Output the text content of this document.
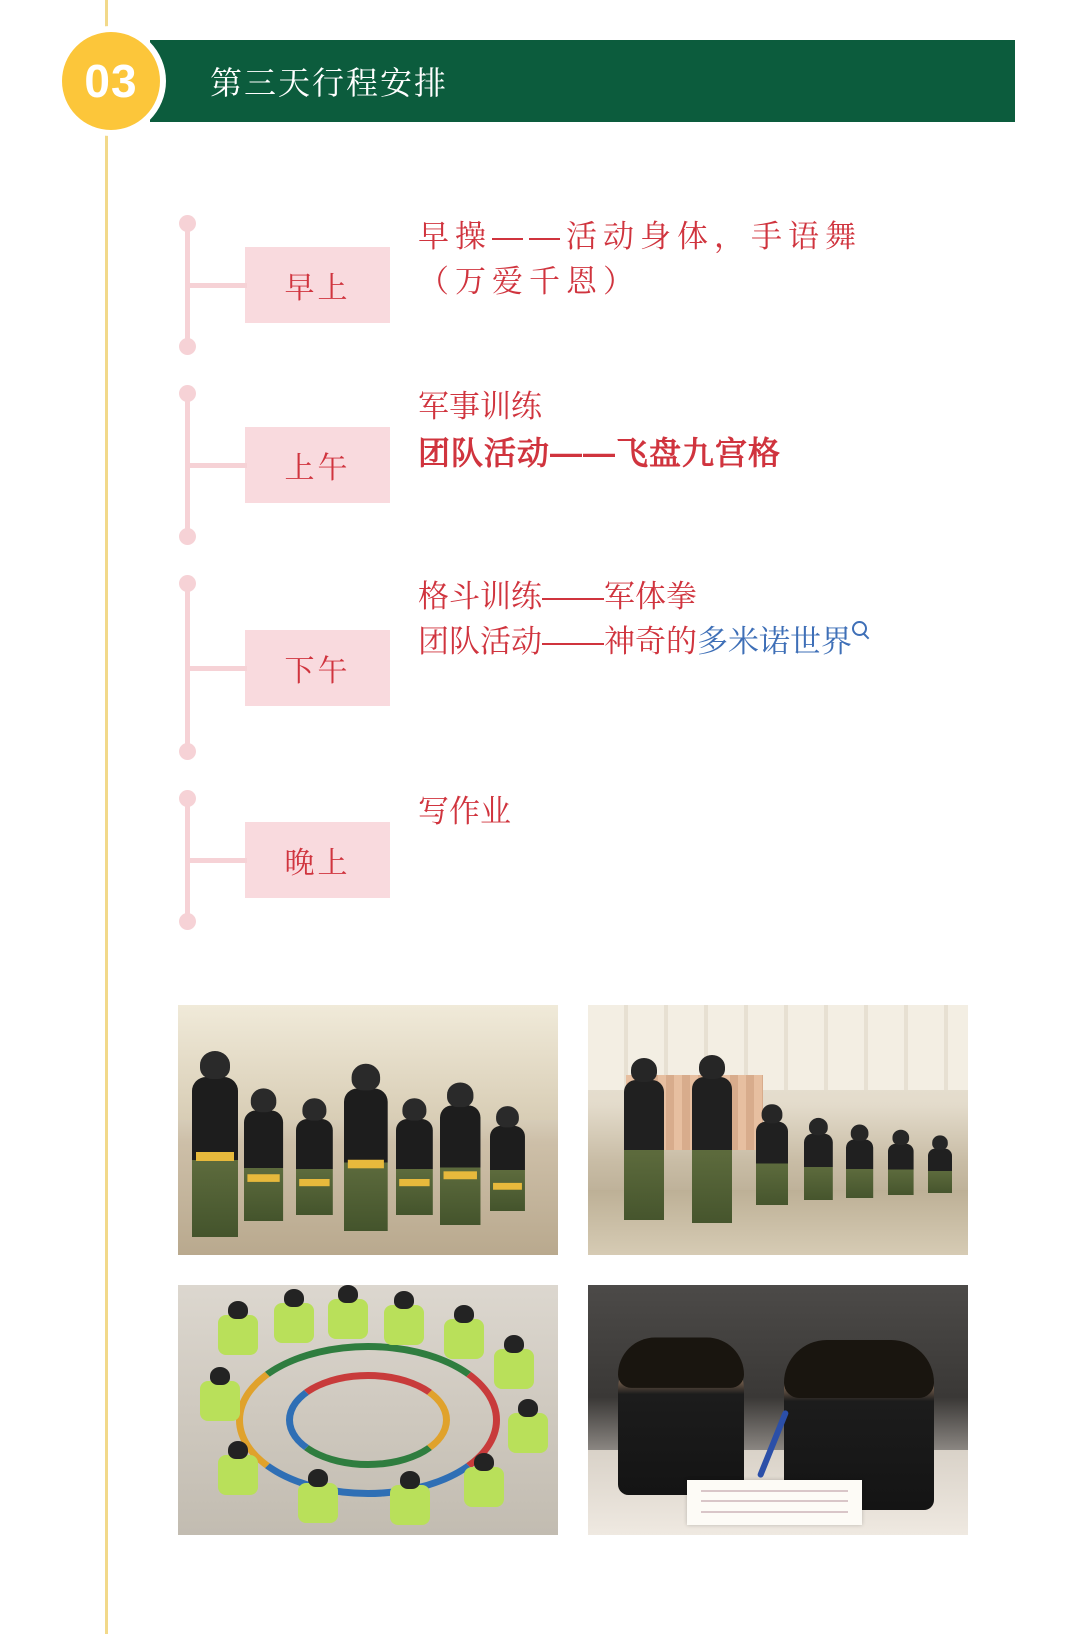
第三天行程安排
03
早上
早操——活动身体，手语舞
（万爱千恩）
上午
军事训练
团队活动——飞盘九宫格
下午
格斗训练——军体拳
团队活动——神奇的多米诺世界
晚上
写作业
